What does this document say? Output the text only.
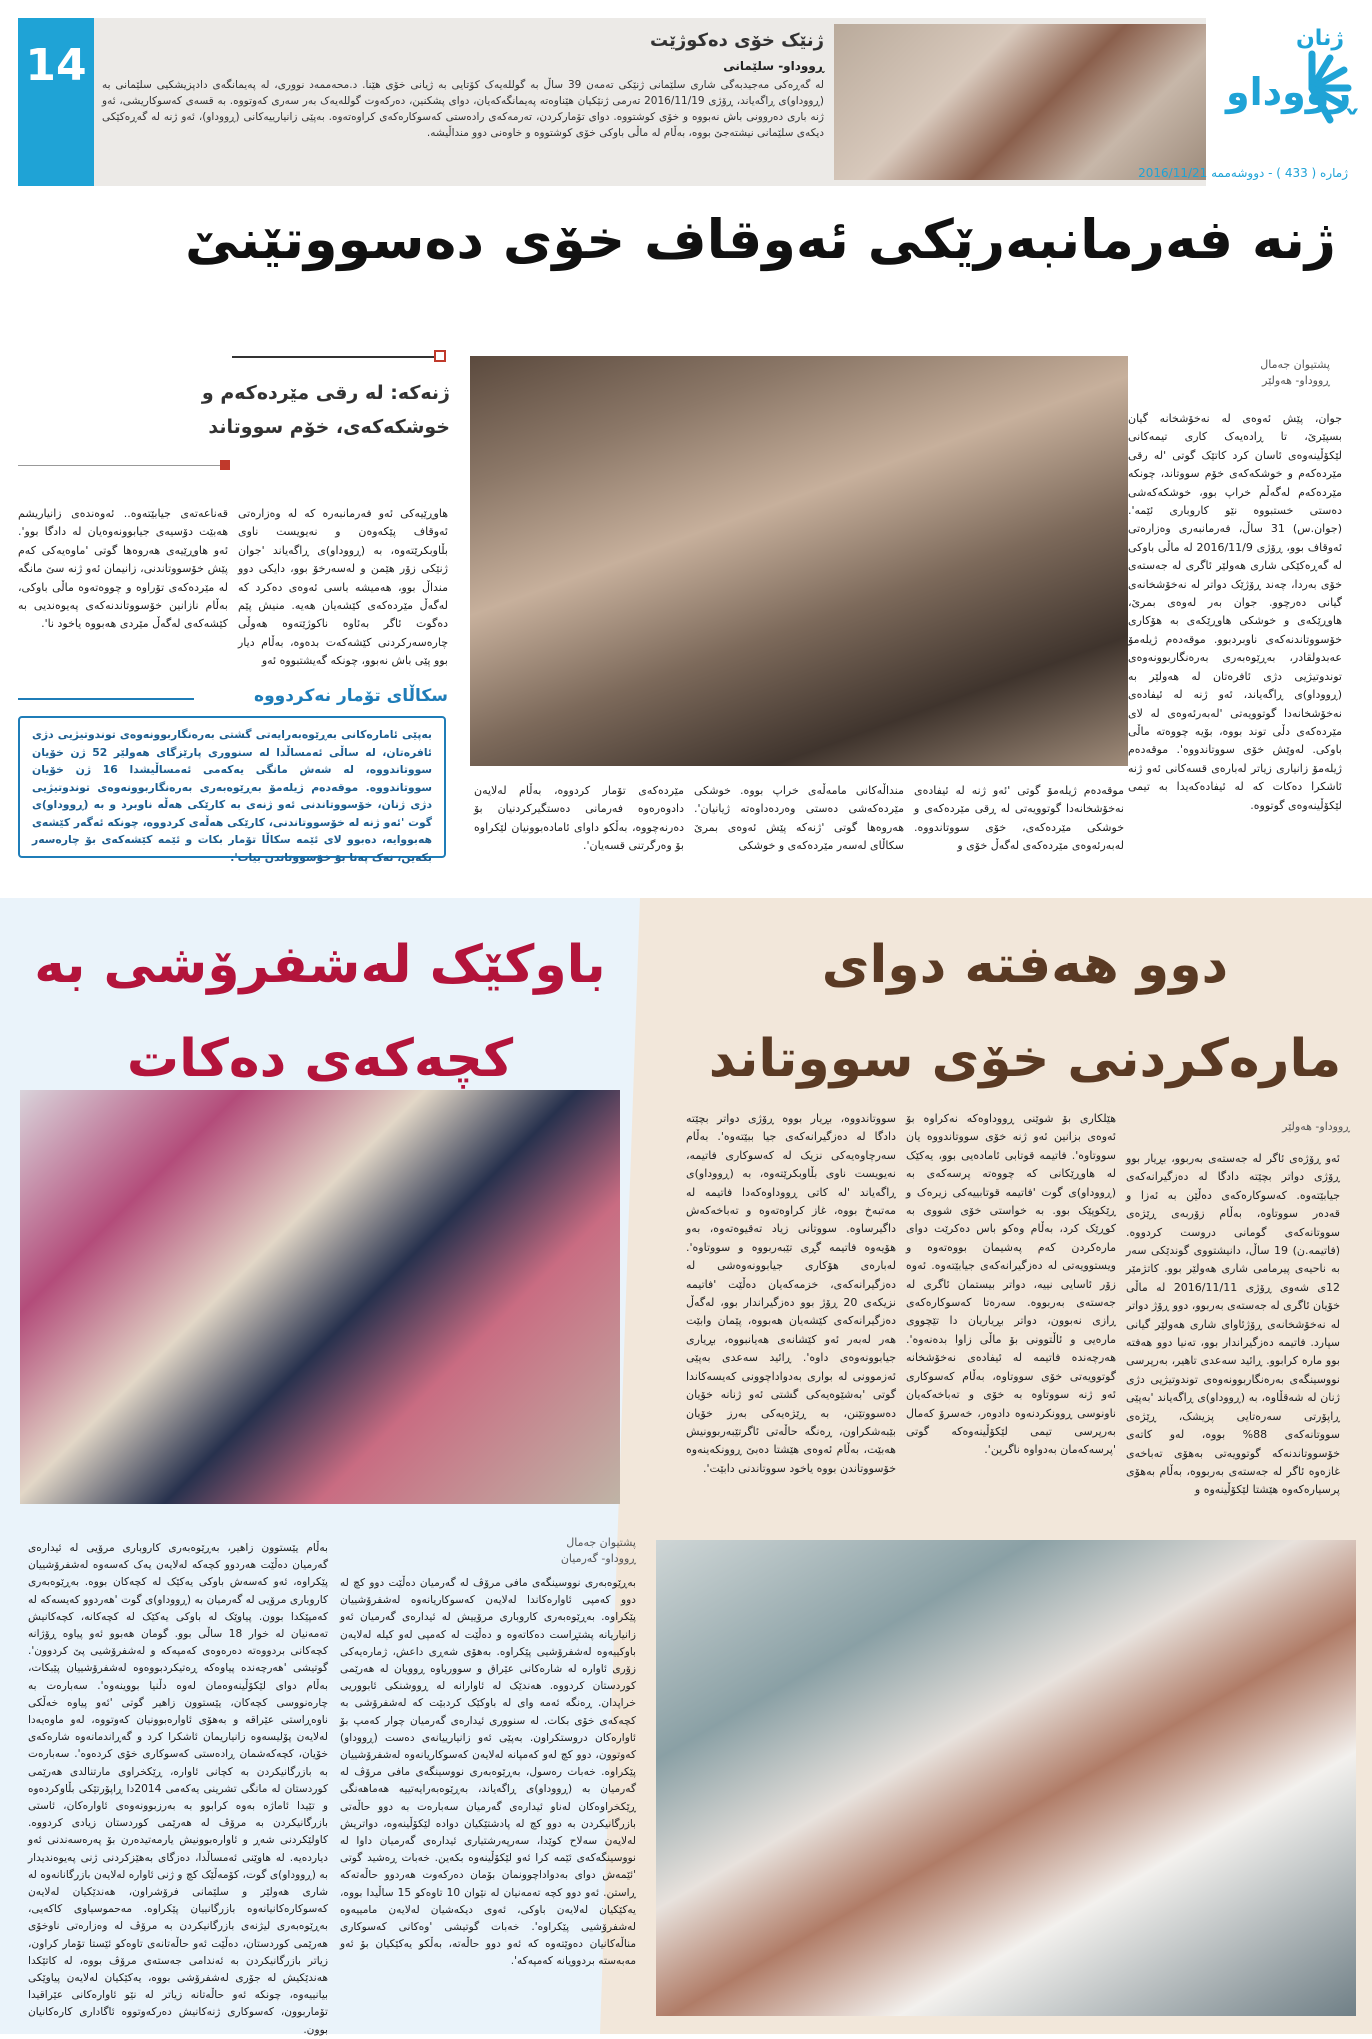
14	ژنێک خۆی دەکوژێت
ڕووداو- سلێمانی
لە گەڕەکی مەجیدبەگی شاری سلێمانی ژنێکی تەمەن 39 ساڵ بە گوللەیەک کۆتایی بە ژیانی خۆی هێنا. د.محەممەد نووری، لە پەیمانگەی دادپزیشکیی سلێمانی بە (ڕووداو)ی ڕاگەیاند، ڕۆژی 2016/11/19 تەرمی ژنێکیان هێناوەتە پەیمانگەکەیان، دوای پشکنین، دەرکەوت گوللەیەک بەر سەری کەوتووە. بە قسەی کەسوکاریشی، ئەو ژنە باری دەروونی باش نەبووە و خۆی کوشتووە. دوای تۆمارکردن، تەرمەکەی رادەستی کەسوکارەکەی کراوەتەوە. بەپێی زانیارییەکانی (ڕووداو)، ئەو ژنە لە گەڕەکێکی دیکەی سلێمانی نیشتەجێ بووە، بەڵام لە ماڵی باوکی خۆی کوشتووە و خاوەنی دوو منداڵیشە.
ژنان
ڕووداو
ژمارە ( 433 ) - دووشەممە 2016/11/21
ژنە فەرمانبەرێکی ئەوقاف خۆی دەسووتێنێ
پشتیوان جەمال
ڕووداو- هەولێر
جوان، پێش ئەوەی لە نەخۆشخانە گیان بسپێرێ، تا ڕادەیەک کاری تیمەکانی لێکۆڵینەوەی ئاسان کرد کاتێک گوتی 'لە رقی مێردەکەم و خوشکەکەی خۆم سووتاند، چونکە مێردەکەم لەگەڵم خراپ بوو، خوشکەکەشی دەستی خستبووە نێو کاروباری ئێمە'. (جوان.س) 31 ساڵ، فەرمانبەری وەزارەتی ئەوقاف بوو، ڕۆژی 2016/11/9 لە ماڵی باوکی لە گەڕەکێکی شاری هەولێر ئاگری لە جەستەی خۆی بەردا، چەند ڕۆژێک دواتر لە نەخۆشخانەی گیانی دەرچوو. جوان بەر لەوەی بمرێ، هاوڕێکەی و خوشکی هاوڕێکەی بە هۆکاری خۆسووتاندنەکەی ناوبردبوو. موقەدەم ژیلەمۆ عەبدولقادر، بەڕێوەبەری بەرەنگاربوونەوەی توندوتیژیی دژی ئافرەتان لە هەولێر بە (ڕووداو)ی ڕاگەیاند، ئەو ژنە لە ئیفادەی نەخۆشخانەدا گوتوویەتی 'لەبەرئەوەی لە لای مێردەکەی دڵی توند بووە، بۆیە چووەتە ماڵی باوکی. لەوێش خۆی سووتاندووە'. موقەدەم ژیلەمۆ زانیاری زیاتر لەبارەی قسەکانی ئەو ژنە ئاشکرا دەکات کە لە ئیفادەکەیدا بە تیمی لێکۆڵینەوەی گوتووە.
موقەدەم ژیلەمۆ گوتی 'ئەو ژنە لە ئیفادەی نەخۆشخانەدا گوتوویەتی لە ڕقی مێردەکەی و خوشکی مێردەکەی، خۆی سووتاندووە. لەبەرئەوەی مێردەکەی لەگەڵ خۆی و
منداڵەکانی مامەڵەی خراپ بووە. خوشکی مێردەکەشی دەستی وەردەداوەتە ژیانیان'. هەروەها گوتی 'ژنەکە پێش ئەوەی بمرێ سکاڵای لەسەر مێردەکەی و خوشکی
مێردەکەی تۆمار کردووە، بەڵام لەلایەن دادوەرەوە فەرمانی دەستگیرکردنیان بۆ دەرنەچووە، بەڵکو داوای ئامادەبوونیان لێکراوە بۆ وەرگرتنی قسەیان'.
ژنەکە: لە رقی مێردەکەم و خوشکەکەی، خۆم سووتاند
هاوڕێیەکی ئەو فەرمانبەرە کە لە وەزارەتی ئەوقاف پێکەوەن و نەیویست ناوی بڵاوبکرێتەوە، بە (ڕووداو)ی ڕاگەیاند 'جوان ژنێکی زۆر هێمن و لەسەرخۆ بوو، دایکی دوو منداڵ بوو، هەمیشە باسی ئەوەی دەکرد کە لەگەڵ مێردەکەی کێشەیان هەیە. منیش پێم دەگوت ئاگر بەئاوە ناکوژێتەوە هەوڵی چارەسەرکردنی کێشەکەت بدەوە، بەڵام دیار بوو پێی باش نەبوو، چونکە گەیشتبووە ئەو
قەناعەتەی جیابێتەوە.. ئەوەندەی زانیاریشم هەبێت دۆسیەی جیابوونەوەیان لە دادگا بوو'. ئەو هاوڕێیەی هەروەها گوتی 'ماوەیەکی کەم پێش خۆسووتاندنی، زانیمان ئەو ژنە سێ مانگە لە مێردەکەی تۆراوە و چووەتەوە ماڵی باوکی، بەڵام نازانین خۆسووتاندنەکەی پەیوەندیی بە کێشەکەی لەگەڵ مێردی هەبووە یاخود نا'.
سکاڵای تۆمار نەکردووە
بەپێی ئامارەکانی بەڕێوەبەرایەتی گشتی بەرەنگاربوونەوەی توندوتیژیی دژی ئافرەتان، لە ساڵی ئەمساڵدا لە سنووری پارێزگای هەولێر 52 ژن خۆیان سووتاندووە، لە شەش مانگی یەکەمی ئەمساڵیشدا 16 ژن خۆیان سووتاندووە. موقەدەم ژیلەمۆ بەڕێوەبەری بەرەنگاربوونەوەی توندوتیژیی دژی ژنان، خۆسووتاندنی ئەو ژنەی بە کارێکی هەڵە ناوبرد و بە (ڕووداو)ی گوت 'ئەو ژنە لە خۆسووتاندنی، کارێکی هەڵەی کردووە، چونکە ئەگەر کێشەی هەبووایە، دەبوو لای ئێمە سکاڵا تۆمار بکات و ئێمە کێشەکەی بۆ چارەسەر بکەین، نەک پەنا بۆ خۆسووتاندن بیات'.
باوکێک لەشفرۆشی بە کچەکەی دەکات
دوو هەفتە دوای مارەکردنی خۆی سووتاند
ڕووداو- هەولێر
ئەو ڕۆژەی ئاگر لە جەستەی بەربوو، بڕیار بوو ڕۆژی دواتر بچێتە دادگا لە دەزگیرانەکەی جیابێتەوە. کەسوکارەکەی دەڵێن بە ئەزا و قەدەر سووتاوە، بەڵام زۆربەی ڕێژەی سووتانەکەی گومانی دروست کردووە. (فاتیمە.ن) 19 ساڵ، دانیشتووی گوندێکی سەر بە ناحیەی پیرمامی شاری هەولێر بوو. کاتژمێر 12ی شەوی ڕۆژی 2016/11/11 لە ماڵی خۆیان ئاگری لە جەستەی بەربوو، دوو ڕۆژ دواتر لە نەخۆشخانەی ڕۆژئاوای شاری هەولێر گیانی سپارد. فاتیمە دەزگیراندار بوو، تەنیا دوو هەفتە بوو مارە کرابوو. ڕائید سەعدی تاهیر، بەرپرسی نووسینگەی بەرەنگاربوونەوەی توندوتیژیی دژی ژنان لە شەقڵاوە، بە (ڕووداو)ی ڕاگەیاند 'بەپێی ڕاپۆرتی سەرەتایی پزیشک، ڕێژەی سووتانەکەی 88% بووە، لەو کاتەی خۆسووتاندنەکە گوتوویەتی بەهۆی تەباخەی غازەوە ئاگر لە جەستەی بەربووە، بەڵام بەهۆی پرسیارەکەوە هێشتا لێکۆڵینەوە و
هێلکاری بۆ شوێنی ڕووداوەکە نەکراوە بۆ ئەوەی بزانین ئەو ژنە خۆی سووتاندووە یان سووتاوە'. فاتیمە قوتابی ئامادەیی بوو، یەکێک لە هاوڕێکانی کە چووەتە پرسەکەی بە (ڕووداو)ی گوت 'فاتیمە قوتابییەکی زیرەک و ڕێکوپێک بوو. بە خواستی خۆی شووی بە کوڕێک کرد، بەڵام وەکو باس دەکرێت دوای مارەکردن کەم پەشیمان بووەتەوە و ویستوویەتی لە دەزگیرانەکەی جیابێتەوە. ئەوە زۆر ئاسایی نییە، دواتر بیستمان ئاگری لە جەستەی بەربووە. سەرەتا کەسوکارەکەی ڕازی نەبوون، دواتر بڕیاریان دا تێچووی مارەیی و ئاڵتوونی بۆ ماڵی زاوا بدەنەوە'. هەرچەندە فاتیمە لە ئیفادەی نەخۆشخانە گوتوویەتی خۆی سووتاوە، بەڵام کەسوکاری ئەو ژنە سووتاوە بە خۆی و تەباخەکەیان ناونوسی ڕوونکردنەوە دادوەر، خەسرۆ کەمال بەرپرسی تیمی لێکۆڵینەوەکە گوتی 'پرسەکەمان بەدواوە ناگرین'.
سووتاندووە، بڕیار بووە ڕۆژی دواتر بچێتە دادگا لە دەزگیرانەکەی جیا ببێتەوە'. بەڵام سەرچاوەیەکی نزیک لە کەسوکاری فاتیمە، نەیویست ناوی بڵاوبکرێتەوە، بە (ڕووداو)ی ڕاگەیاند 'لە کاتی ڕووداوەکەدا فاتیمە لە مەتبەخ بووە، غاز کراوەتەوە و تەباخەکەش داگیرساوە. سووتانی زیاد تەقیوەتەوە، بەو هۆیەوە فاتیمە گڕی تێبەربووە و سووتاوە'. لەبارەی هۆکاری جیابوونەوەشی لە دەزگیرانەکەی، خزمەکەیان دەڵێت 'فاتیمە نزیکەی 20 ڕۆژ بوو دەزگیراندار بوو، لەگەڵ دەزگیرانەکەی کێشەیان هەبووە، پێمان وابێت هەر لەبەر ئەو کێشانەی هەیانبووە، بڕیاری جیابوونەوەی داوە'. ڕائید سەعدی بەپێی ئەزموونی لە بواری بەدواداچوونی کەیسەکاندا گوتی 'بەشێوەیەکی گشتی ئەو ژنانە خۆیان دەسووتێنن، بە ڕێژەیەکی بەرز خۆیان بێبەشکراون، ڕەنگە حاڵەتی ئاگرتێبەربوونیش هەبێت، بەڵام ئەوەی هێشتا دەبێ ڕوونکەینەوە خۆسووتاندن بووە یاخود سووتاندنی دابێت'.
پشتیوان جەمال
ڕووداو- گەرمیان
بەڕێوەبەری نووسینگەی مافی مرۆڤ لە گەرمیان دەڵێت دوو کچ لە دوو کەمپی ئاوارەکاندا لەلایەن کەسوکاریانەوە لەشفرۆشییان پێکراوە. بەڕێوەبەری کاروباری مرۆییش لە ئیدارەی گەرمیان ئەو زانیاریانە پشتڕاست دەکاتەوە و دەڵێت لە کەمپی لەو کیلە لەلایەن باوکییەوە لەشفرۆشیی پێکراوە. بەهۆی شەڕی داعش، ژمارەیەکی زۆری ئاوارە لە شارەکانی عێراق و سووریاوە ڕوویان لە هەرێمی کوردستان کردووە. هەندێک لە ئاوارانە لە ڕووشنکی ئابووریی خراپدان. ڕەنگە ئەمە وای لە باوکێک کردبێت کە لەشفرۆشی بە کچەکەی خۆی بکات. لە سنووری ئیدارەی گەرمیان چوار کەمپ بۆ ئاوارەکان دروستکراون. بەپێی ئەو زانیارییانەی دەست (ڕووداو) کەوتوون، دوو کچ لەو کەمپانە لەلایەن کەسوکاریانەوە لەشفرۆشییان پێکراوە. خەبات رەسول، بەڕێوەبەری نووسینگەی مافی مرۆڤ لە گەرمیان بە (ڕووداو)ی ڕاگەیاند، بەڕێوەبەرایەتییە هەماهەنگی ڕێکخراوەکان لەناو ئیدارەی گەرمیان سەبارەت بە دوو حاڵەتی بازرگانیکردن بە دوو کچ لە پادشتێکیان دوادە لێکۆڵینەوە، دواتریش لەلایەن سەلاح کوێدا، سەرپەرشتیاری ئیدارەی گەرمیان داوا لە نووسینگەکەی ئێمە کرا ئەو لێکۆڵینەوە بکەین. خەبات ڕەشید گوتی 'ئێمەش دوای بەدواداچوونمان بۆمان دەرکەوت هەردوو حاڵەتەکە ڕاستن. ئەو دوو کچە تەمەنیان لە نێوان 10 تاوەکو 15 ساڵیدا بووە، یەکێکیان لەلایەن باوکی، ئەوی دیکەشیان لەلایەن مامییەوە لەشفرۆشیی پێکراوە'. خەبات گوتیشی 'وەکانی کەسوکاری مناڵەکانیان دەوێتەوە کە ئەو دوو حاڵەتە، بەڵکو یەکێکیان بۆ ئەو مەبەستە بردوویانە کەمپەکە'.
بەڵام یێستوون زاهیر، بەڕێوەبەری کاروباری مرۆیی لە ئیدارەی گەرمیان دەڵێت هەردوو کچەکە لەلایەن یەک کەسەوە لەشفرۆشییان پێکراوە، ئەو کەسەش باوکی یەکێک لە کچەکان بووە. بەڕێوەبەری کاروباری مرۆیی لە گەرمیان بە (ڕووداو)ی گوت 'هەردوو کەیسەکە لە کەمپێکدا بوون. پیاوێک لە باوکی یەکێک لە کچەکانە، کچەکانیش تەمەنیان لە خوار 18 ساڵی بوو. گومان هەبوو ئەو پیاوە ڕۆژانە کچەکانی بردووەتە دەرەوەی کەمپەکە و لەشفرۆشیی پێ کردوون'. گوتیشی 'هەرچەندە پیاوەکە ڕەتیکردبووەوە لەشفرۆشییان پێبکات، بەڵام دوای لێکۆڵینەوەمان لەوە دڵنیا بووینەوە'. سەبارەت بە چارەنووسی کچەکان، یێستوون زاهیر گوتی 'ئەو پیاوە خەڵکی ناوەڕاستی عێراقە و بەهۆی ئاوارەبوونیان کەوتووە، لەو ماوەیەدا لەلایەن پۆلیسەوە زانیاریمان ئاشکرا کرد و گەڕاندمانەوە شارەکەی خۆیان، کچەکەشمان ڕادەستی کەسوکاری خۆی کردەوە'. سەبارەت بە بازرگانیکردن بە کچانی ئاوارە، ڕێکخراوی مارتنالدی هەرێمی کوردستان لە مانگی تشرینی یەکەمی 2014دا ڕاپۆرتێکی بڵاوکردەوە و تێیدا ئاماژە بەوە کرابوو بە بەرزبوونەوەی ئاوارەکان، ئاستی بازرگانیکردن بە مرۆڤ لە هەرێمی کوردستان زیادی کردووە. کاولێکردنی شەڕ و ئاوارەبوونیش یارمەتیدەرن بۆ پەرەسەندنی ئەو دیاردەیە. لە هاوێنی ئەمساڵدا، دەزگای بەهێزکردنی ژنی پەیوەندیدار بە (ڕووداو)ی گوت، کۆمەڵێک کچ و ژنی ئاوارە لەلایەن بازرگانانەوە لە شاری هەولێر و سلێمانی فرۆشراون، هەندێکیان لەلایەن کەسوکارەکانیانەوە بازرگانییان پێکراوە. مەحموسیاوی کاکەیی، بەڕێوەبەری لیژنەی بازرگانیکردن بە مرۆڤ لە وەزارەتی ناوخۆی هەرێمی کوردستان، دەڵێت ئەو حاڵەتانەی تاوەکو ئێستا تۆمار کراون، زیاتر بازرگانیکردن بە ئەندامی جەستەی مرۆڤ بووە، لە کاتێکدا هەندێکیش لە جۆری لەشفرۆشی بووە، یەکێکیان لەلایەن پیاوێکی بیانییەوە، چونکە ئەو حاڵەتانە زیاتر لە نێو ئاوارەکانی عێراقیدا تۆماربوون، کەسوکاری ژنەکانیش دەرکەوتووە ئاگاداری کارەکانیان بوون.
